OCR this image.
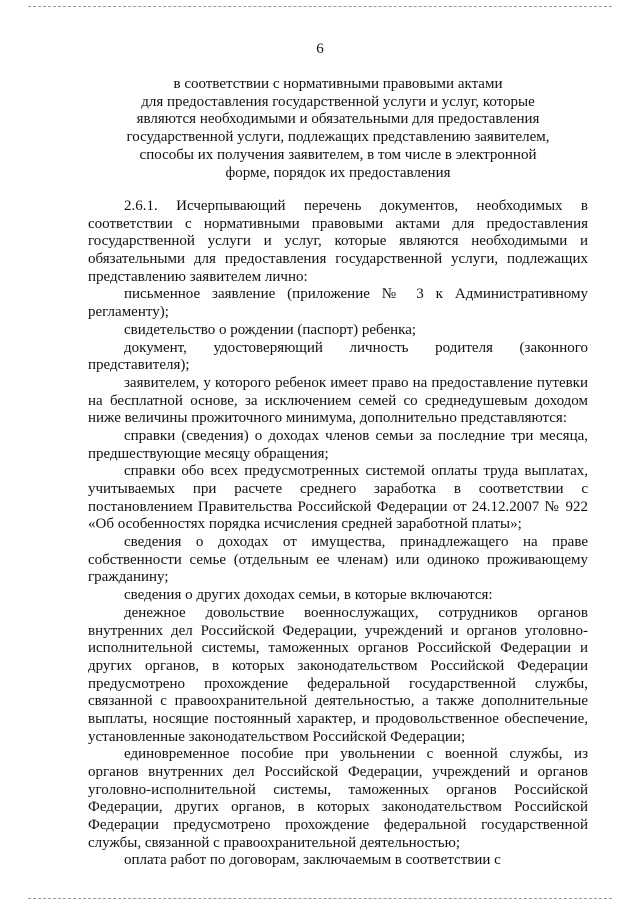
6
в соответствии с нормативными правовыми актами
для предоставления государственной услуги и услуг, которые
являются необходимыми и обязательными для предоставления
государственной услуги, подлежащих представлению заявителем,
способы их получения заявителем, в том числе в электронной
форме, порядок их предоставления
2.6.1. Исчерпывающий перечень документов, необходимых в
соответствии с нормативными правовыми актами для предоставления
государственной услуги и услуг, которые являются необходимыми и
обязательными для предоставления государственной услуги, подлежащих
представлению заявителем лично:
письменное заявление (приложение № 3 к Административному
регламенту);
свидетельство о рождении (паспорт) ребенка;
документ, удостоверяющий личность родителя (законного
представителя);
заявителем, у которого ребенок имеет право на предоставление путевки
на бесплатной основе, за исключением семей со среднедушевым доходом
ниже величины прожиточного минимума, дополнительно представляются:
справки (сведения) о доходах членов семьи за последние три месяца,
предшествующие месяцу обращения;
справки обо всех предусмотренных системой оплаты труда выплатах,
учитываемых при расчете среднего заработка в соответствии с
постановлением Правительства Российской Федерации от 24.12.2007 № 922
«Об особенностях порядка исчисления средней заработной платы»;
сведения о доходах от имущества, принадлежащего на праве
собственности семье (отдельным ее членам) или одиноко проживающему
гражданину;
сведения о других доходах семьи, в которые включаются:
денежное довольствие военнослужащих, сотрудников органов
внутренних дел Российской Федерации, учреждений и органов уголовно-
исполнительной системы, таможенных органов Российской Федерации и
других органов, в которых законодательством Российской Федерации
предусмотрено прохождение федеральной государственной службы,
связанной с правоохранительной деятельностью, а также дополнительные
выплаты, носящие постоянный характер, и продовольственное обеспечение,
установленные законодательством Российской Федерации;
единовременное пособие при увольнении с военной службы, из
органов внутренних дел Российской Федерации, учреждений и органов
уголовно-исполнительной системы, таможенных органов Российской
Федерации, других органов, в которых законодательством Российской
Федерации предусмотрено прохождение федеральной государственной
службы, связанной с правоохранительной деятельностью;
оплата работ по договорам, заключаемым в соответствии с
